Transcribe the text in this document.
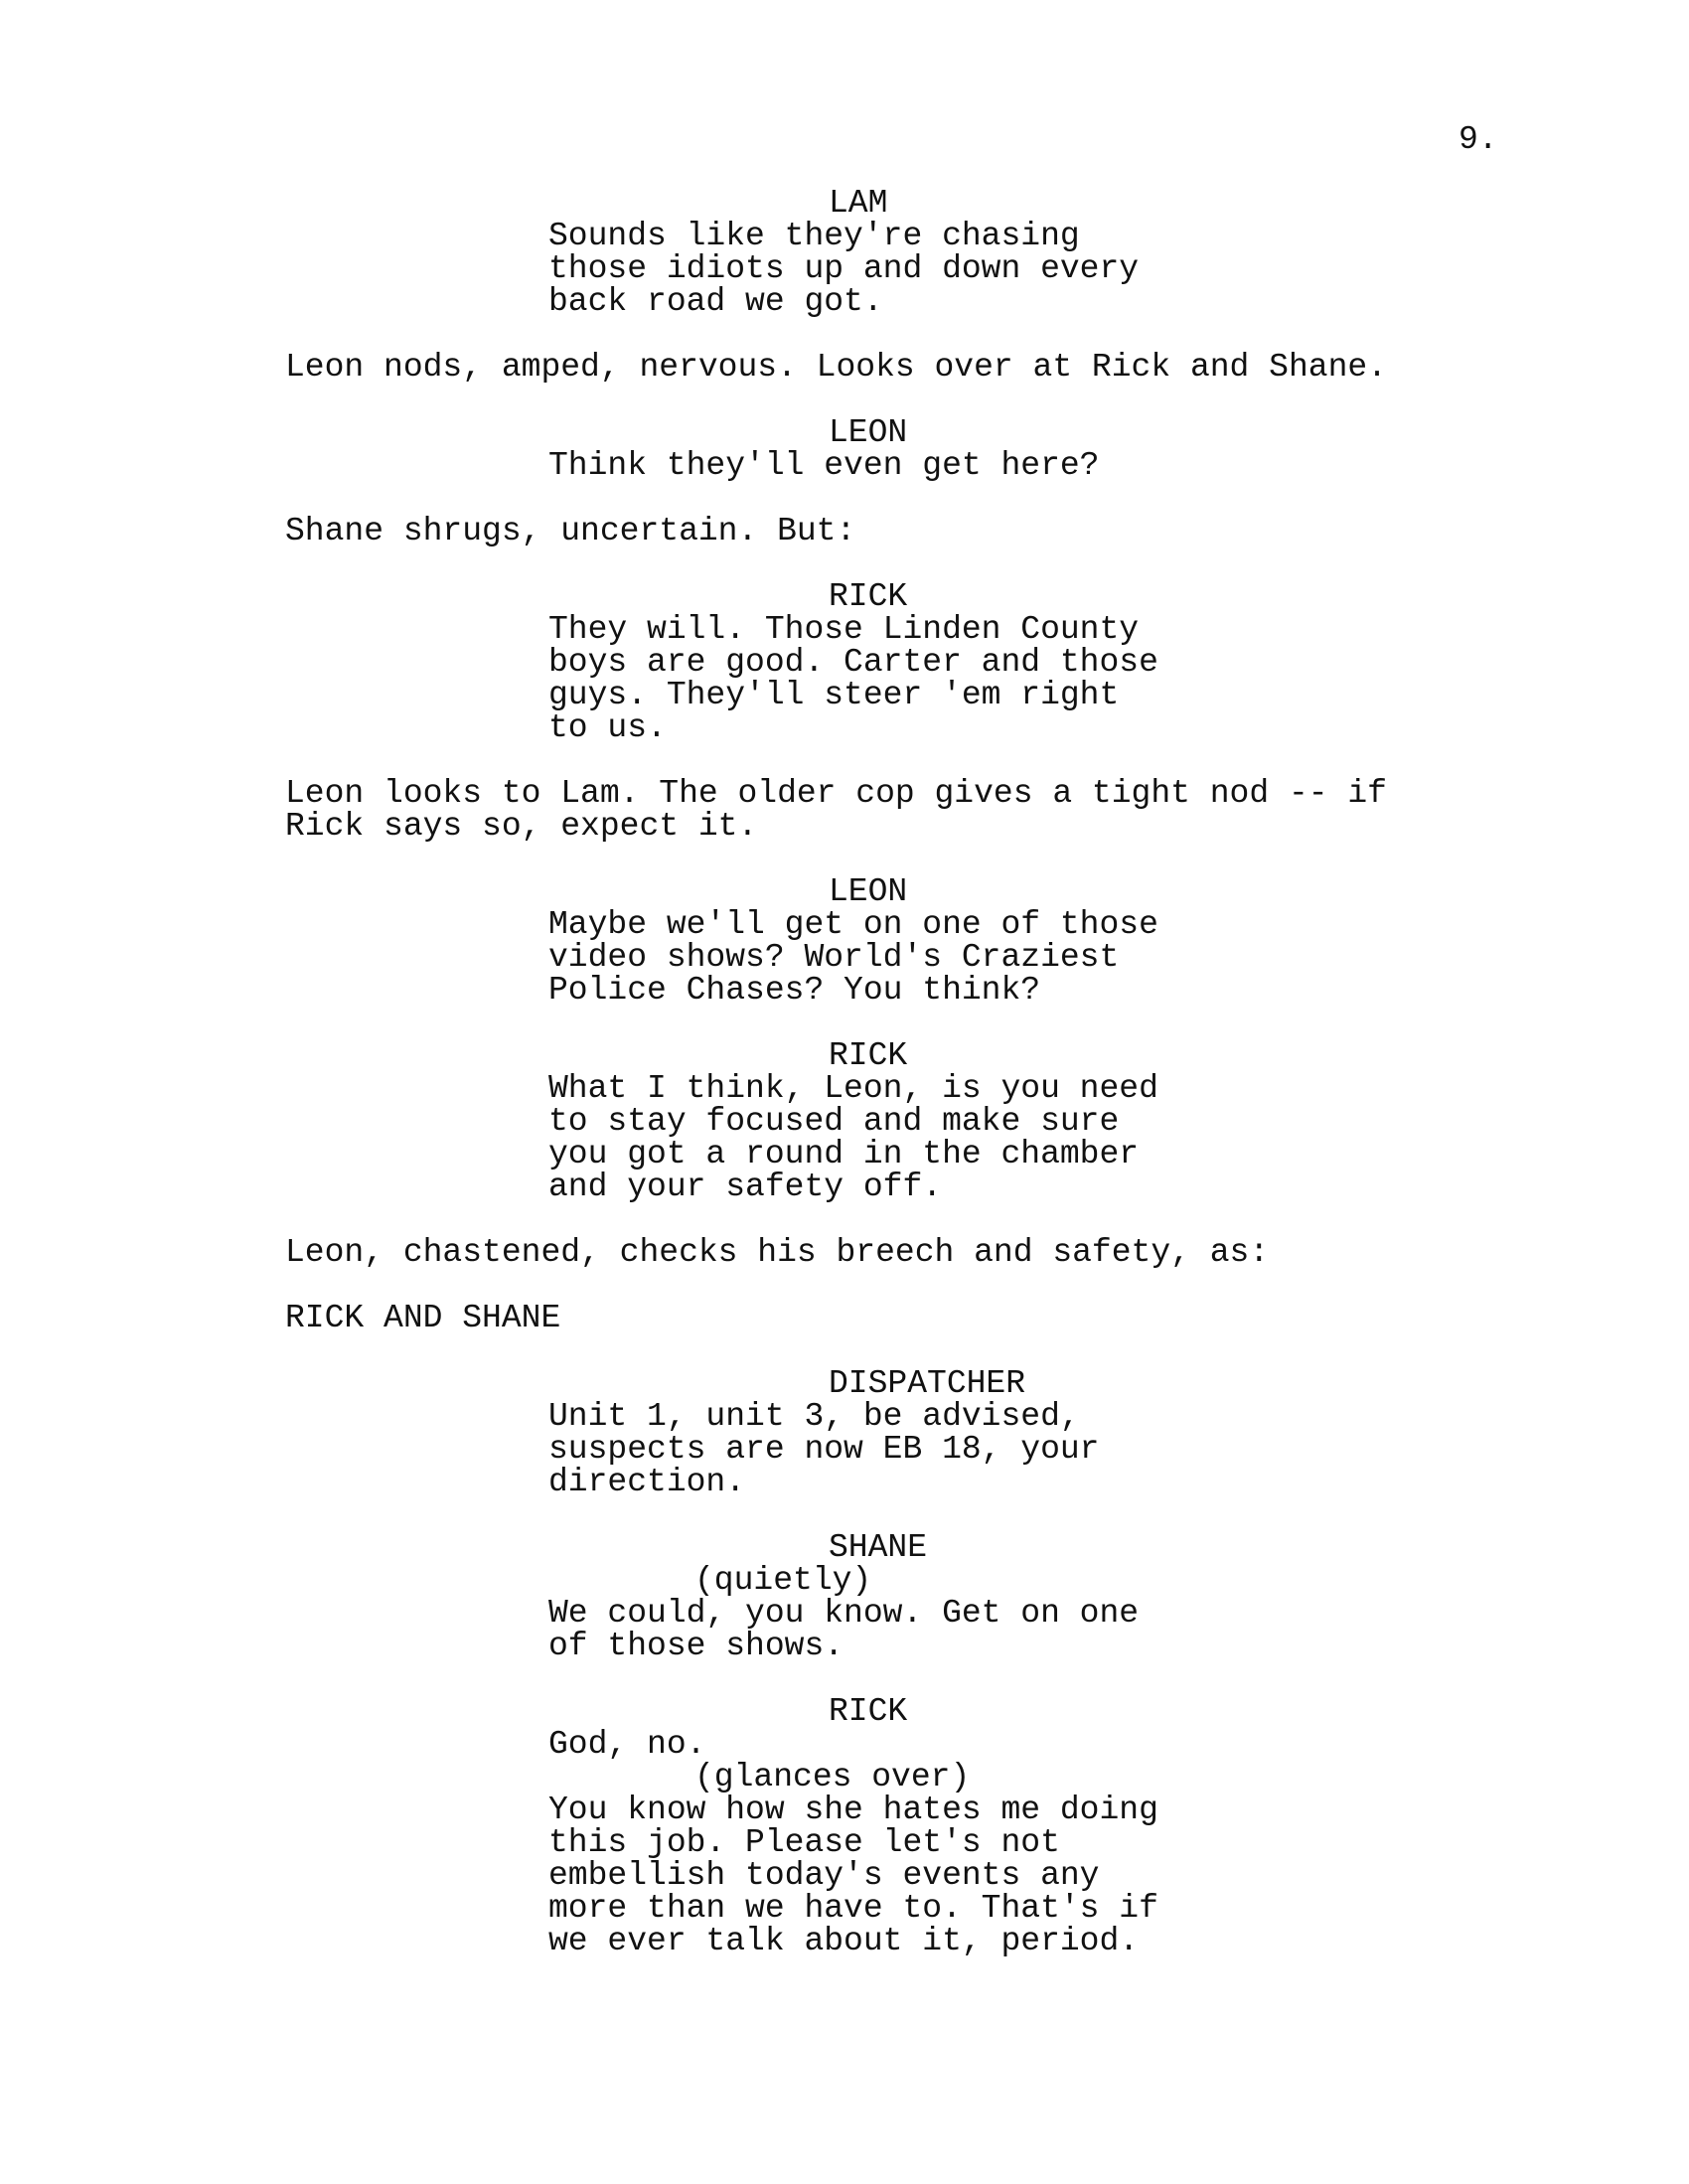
9.
LAM
Sounds like they're chasing
those idiots up and down every
back road we got.
Leon nods, amped, nervous. Looks over at Rick and Shane.
LEON
Think they'll even get here?
Shane shrugs, uncertain. But:
RICK
They will. Those Linden County
boys are good. Carter and those
guys. They'll steer 'em right
to us.
Leon looks to Lam. The older cop gives a tight nod -- if
Rick says so, expect it.
LEON
Maybe we'll get on one of those
video shows? World's Craziest
Police Chases? You think?
RICK
What I think, Leon, is you need
to stay focused and make sure
you got a round in the chamber
and your safety off.
Leon, chastened, checks his breech and safety, as:
RICK AND SHANE
DISPATCHER
Unit 1, unit 3, be advised,
suspects are now EB 18, your
direction.
SHANE
(quietly)
We could, you know. Get on one
of those shows.
RICK
God, no.
(glances over)
You know how she hates me doing
this job. Please let's not
embellish today's events any
more than we have to. That's if
we ever talk about it, period.
